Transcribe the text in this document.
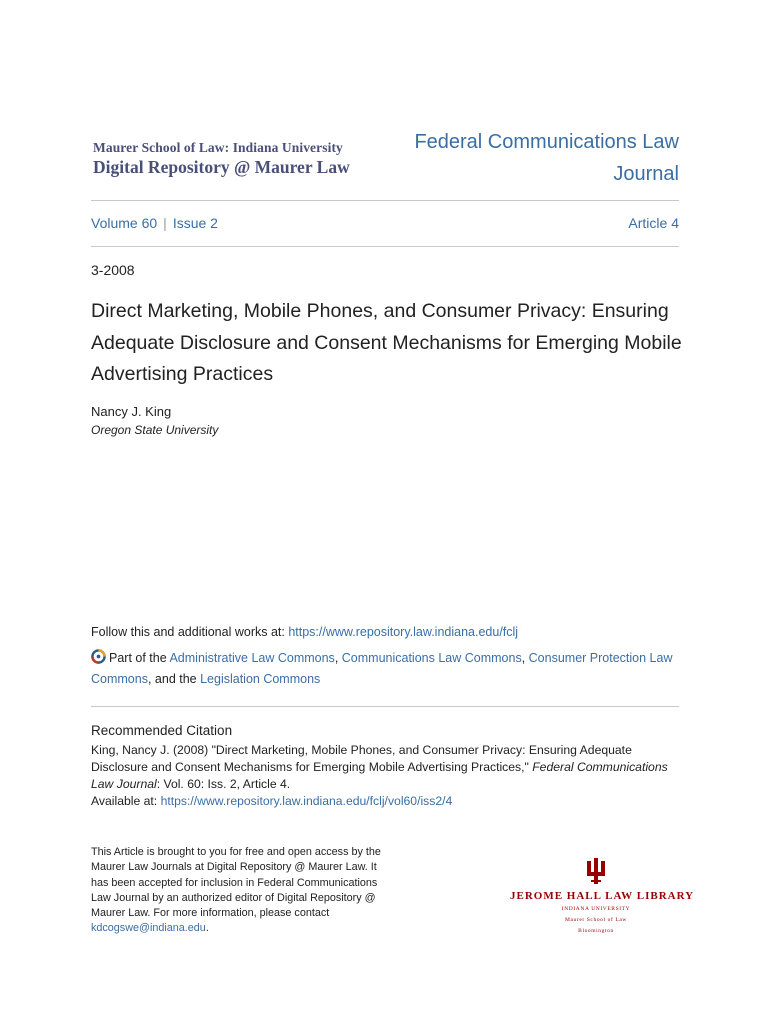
Maurer School of Law: Indiana University
Digital Repository @ Maurer Law
Federal Communications Law
Journal
Volume 60 | Issue 2	Article 4
3-2008
Direct Marketing, Mobile Phones, and Consumer Privacy: Ensuring Adequate Disclosure and Consent Mechanisms for Emerging Mobile Advertising Practices
Nancy J. King
Oregon State University
Follow this and additional works at: https://www.repository.law.indiana.edu/fclj
Part of the Administrative Law Commons, Communications Law Commons, Consumer Protection Law Commons, and the Legislation Commons
Recommended Citation
King, Nancy J. (2008) "Direct Marketing, Mobile Phones, and Consumer Privacy: Ensuring Adequate Disclosure and Consent Mechanisms for Emerging Mobile Advertising Practices," Federal Communications Law Journal: Vol. 60: Iss. 2, Article 4.
Available at: https://www.repository.law.indiana.edu/fclj/vol60/iss2/4
This Article is brought to you for free and open access by the Maurer Law Journals at Digital Repository @ Maurer Law. It has been accepted for inclusion in Federal Communications Law Journal by an authorized editor of Digital Repository @ Maurer Law. For more information, please contact kdcogswe@indiana.edu.
JEROME HALL LAW LIBRARY
INDIANA UNIVERSITY
Maurer School of Law
Bloomington
